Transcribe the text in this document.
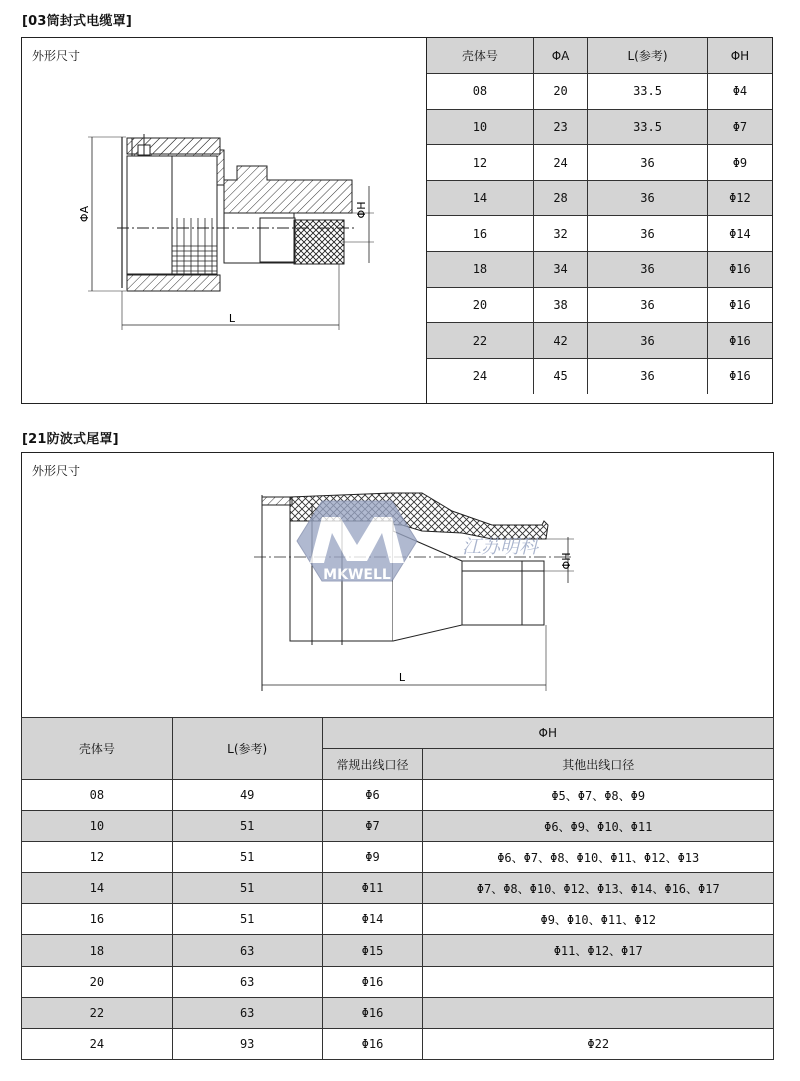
[03筒封式电缆罩]
外形尺寸
ΦA	ΦH
L
壳体号	ΦA	L(参考)	ΦH
08	20	33.5	Φ4
10	23	33.5	Φ7
12	24	36	Φ9
14	28	36	Φ12
16	32	36	Φ14
18	34	36	Φ16
20	38	36	Φ16
22	42	36	Φ16
24	45	36	Φ16
[21防波式尾罩]
外形尺寸
ΦH
L
MKWELL
江苏明科
壳体号	L(参考)	ΦH	
		常规出线口径	其他出线口径
08	49	Φ6	Φ5、Φ7、Φ8、Φ9
10	51	Φ7	Φ6、Φ9、Φ10、Φ11
12	51	Φ9	Φ6、Φ7、Φ8、Φ10、Φ11、Φ12、Φ13
14	51	Φ11	Φ7、Φ8、Φ10、Φ12、Φ13、Φ14、Φ16、Φ17
16	51	Φ14	Φ9、Φ10、Φ11、Φ12
18	63	Φ15	Φ11、Φ12、Φ17
20	63	Φ16	
22	63	Φ16	
24	93	Φ16	Φ22
